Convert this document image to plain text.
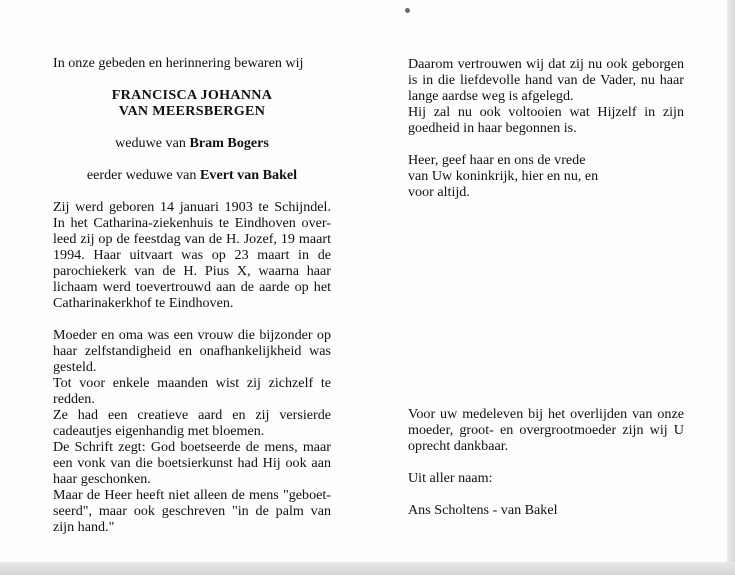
In onze gebeden en herinnering bewaren wij
FRANCISCA JOHANNA
VAN MEERSBERGEN
weduwe van Bram Bogers
eerder weduwe van Evert van Bakel
Zij werd geboren 14 januari 1903 te Schijndel.
In het Catharina-ziekenhuis te Eindhoven over-
leed zij op de feestdag van de H. Jozef, 19 maart
1994. Haar uitvaart was op 23 maart in de
parochiekerk van de H. Pius X, waarna haar
lichaam werd toevertrouwd aan de aarde op het
Catharinakerkhof te Eindhoven.
Moeder en oma was een vrouw die bijzonder op
haar zelfstandigheid en onafhankelijkheid was
gesteld.
Tot voor enkele maanden wist zij zichzelf te
redden.
Ze had een creatieve aard en zij versierde
cadeautjes eigenhandig met bloemen.
De Schrift zegt: God boetseerde de mens, maar
een vonk van die boetsierkunst had Hij ook aan
haar geschonken.
Maar de Heer heeft niet alleen de mens "geboet-
seerd", maar ook geschreven "in de palm van
zijn hand."
Daarom vertrouwen wij dat zij nu ook geborgen
is in die liefdevolle hand van de Vader, nu haar
lange aardse weg is afgelegd.
Hij zal nu ook voltooien wat Hijzelf in zijn
goedheid in haar begonnen is.
Heer, geef haar en ons de vrede
van Uw koninkrijk, hier en nu, en
voor altijd.
Voor uw medeleven bij het overlijden van onze
moeder, groot- en overgrootmoeder zijn wij U
oprecht dankbaar.
Uit aller naam:
Ans Scholtens - van Bakel
